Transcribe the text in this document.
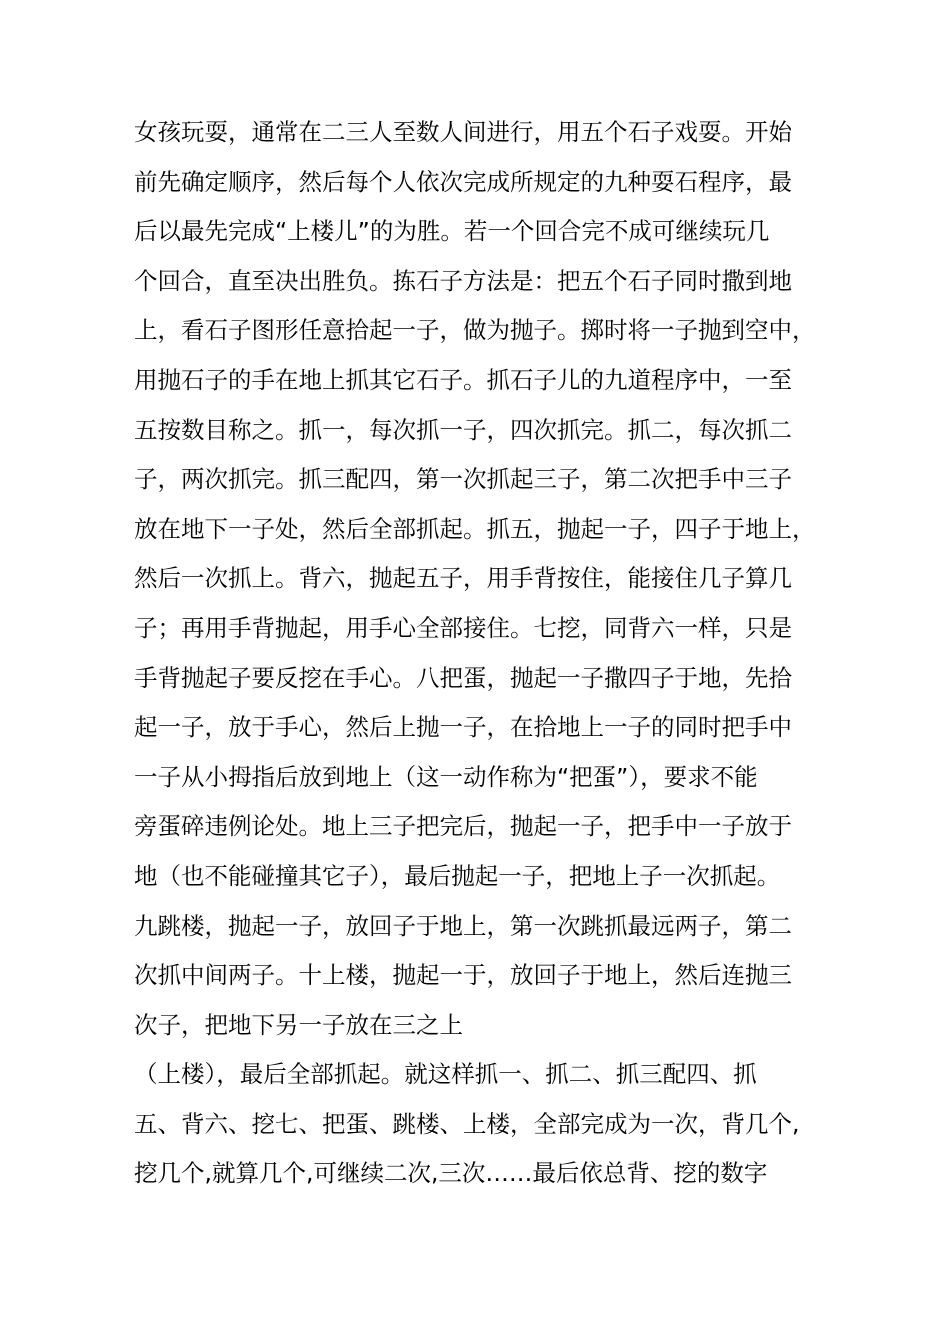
女孩玩耍，通常在二三人至数人间进行，用五个石子戏耍。开始
前先确定顺序，然后每个人依次完成所规定的九种耍石程序，最
后以最先完成“上楼儿”的为胜。若一个回合完不成可继续玩几
个回合，直至决出胜负。拣石子方法是：把五个石子同时撒到地
上，看石子图形任意拾起一子，做为抛子。掷时将一子抛到空中，
用抛石子的手在地上抓其它石子。抓石子儿的九道程序中，一至
五按数目称之。抓一，每次抓一子，四次抓完。抓二，每次抓二
子，两次抓完。抓三配四，第一次抓起三子，第二次把手中三子
放在地下一子处，然后全部抓起。抓五，抛起一子，四子于地上，
然后一次抓上。背六，抛起五子，用手背按住，能接住几子算几
子；再用手背抛起，用手心全部接住。七挖，同背六一样，只是
手背抛起子要反挖在手心。八把蛋，抛起一子撒四子于地，先拾
起一子，放于手心，然后上抛一子，在拾地上一子的同时把手中
一子从小拇指后放到地上（这一动作称为“把蛋”），要求不能
旁蛋碎违例论处。地上三子把完后，抛起一子，把手中一子放于
地（也不能碰撞其它子），最后抛起一子，把地上子一次抓起。
九跳楼，抛起一子，放回子于地上，第一次跳抓最远两子，第二
次抓中间两子。十上楼，抛起一于，放回子于地上，然后连抛三
次子，把地下另一子放在三之上
（上楼），最后全部抓起。就这样抓一、抓二、抓三配四、抓
五、背六、挖七、把蛋、跳楼、上楼，全部完成为一次，背几个,
挖几个,就算几个,可继续二次,三次……最后依总背、挖的数字
